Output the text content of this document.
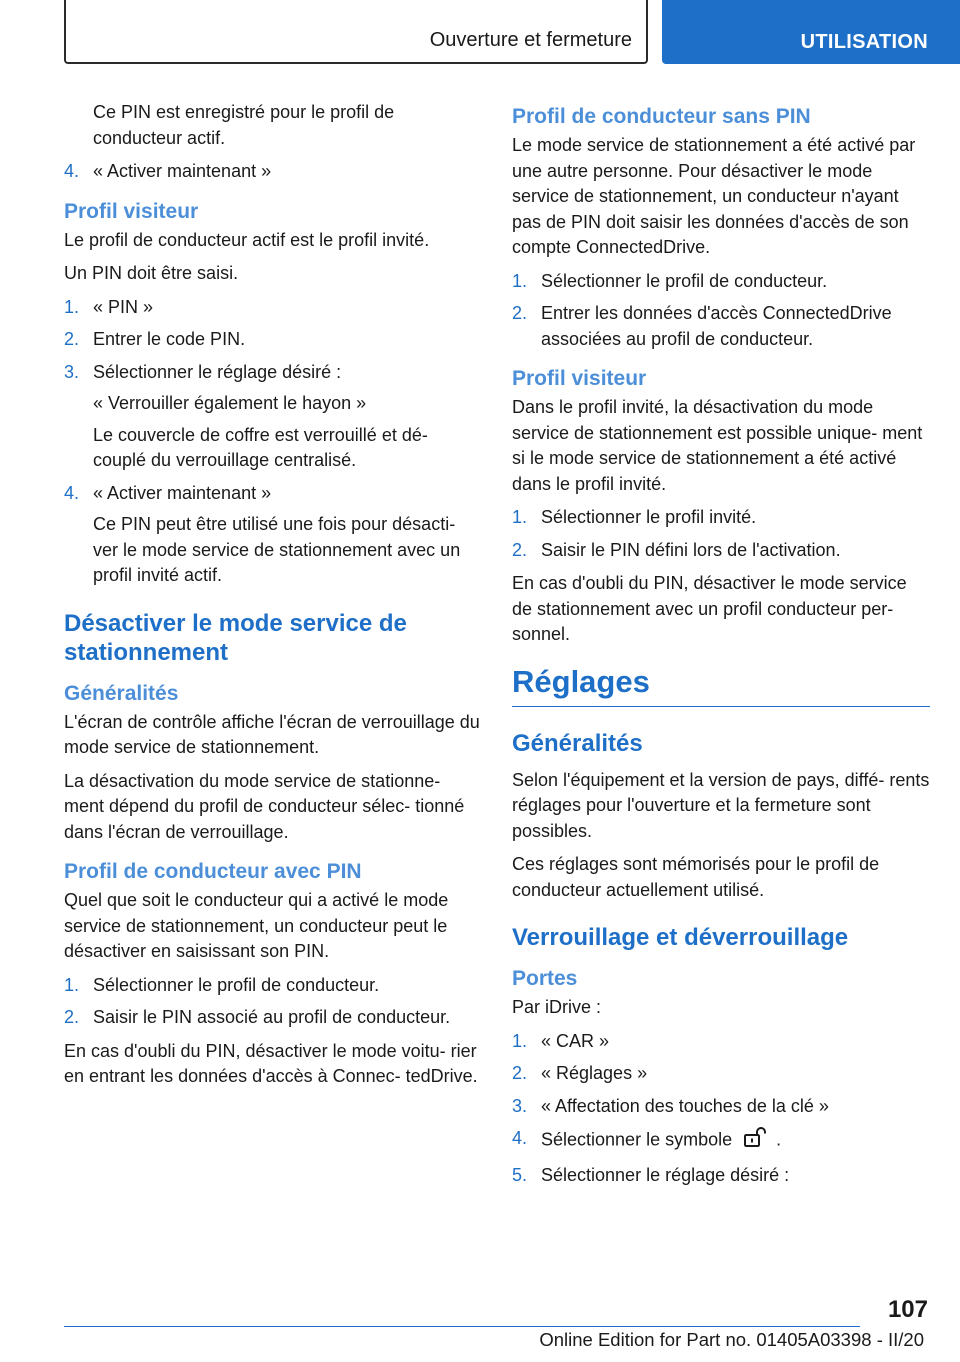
Ouverture et fermeture	UTILISATION

Ce PIN est enregistré pour le profil de conducteur actif.

4. « Activer maintenant »
Profil visiteur

Le profil de conducteur actif est le profil invité.

Un PIN doit être saisi.

1. « PIN »
2. Entrer le code PIN.
3. Sélectionner le réglage désiré :
« Verrouiller également le hayon »
Le couvercle de coffre est verrouillé et dé‐ couplé du verrouillage centralisé.
4. « Activer maintenant »
Ce PIN peut être utilisé une fois pour désacti‐ ver le mode service de stationnement avec un profil invité actif.
Désactiver le mode service de stationnement
Généralités

L'écran de contrôle affiche l'écran de verrouillage du mode service de stationnement.

La désactivation du mode service de stationne‐ ment dépend du profil de conducteur sélec‐ tionné dans l'écran de verrouillage.

Profil de conducteur avec PIN

Quel que soit le conducteur qui a activé le mode service de stationnement, un conducteur peut le désactiver en saisissant son PIN.

1. Sélectionner le profil de conducteur.
2. Saisir le PIN associé au profil de conducteur.

En cas d'oubli du PIN, désactiver le mode voitu‐ rier en entrant les données d'accès à Connec‐ tedDrive.

Profil de conducteur sans PIN

Le mode service de stationnement a été activé par une autre personne. Pour désactiver le mode service de stationnement, un conducteur n'ayant pas de PIN doit saisir les données d'accès de son compte ConnectedDrive.

1. Sélectionner le profil de conducteur.
2. Entrer les données d'accès ConnectedDrive associées au profil de conducteur.
Profil visiteur

Dans le profil invité, la désactivation du mode service de stationnement est possible unique‐ ment si le mode service de stationnement a été activé dans le profil invité.

1. Sélectionner le profil invité.
2. Saisir le PIN défini lors de l'activation.

En cas d'oubli du PIN, désactiver le mode service de stationnement avec un profil conducteur per‐ sonnel.

Réglages
Généralités

Selon l'équipement et la version de pays, diffé‐ rents réglages pour l'ouverture et la fermeture sont possibles.

Ces réglages sont mémorisés pour le profil de conducteur actuellement utilisé.

Verrouillage et déverrouillage
Portes

Par iDrive :

1. « CAR »
2. « Réglages »
3. « Affectation des touches de la clé »
4. Sélectionner le symbole .
5. Sélectionner le réglage désiré :
107
Online Edition for Part no. 01405A03398 - II/20
